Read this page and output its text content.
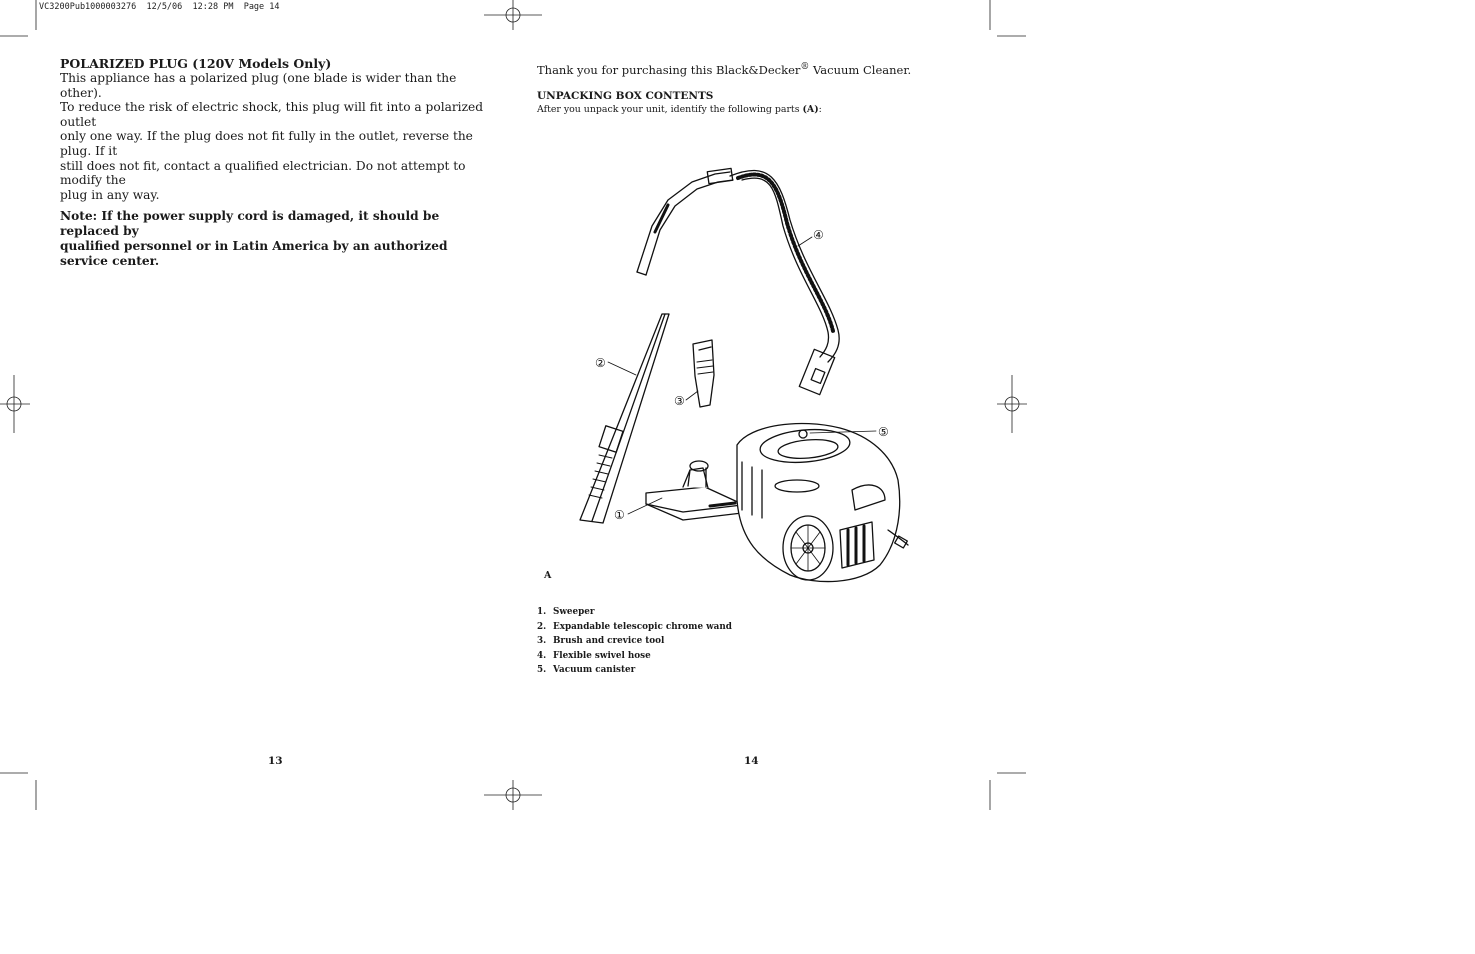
VC3200Pub1000003276  12/5/06  12:28 PM  Page 14

POLARIZED PLUG (120V Models Only)

This appliance has a polarized plug (one blade is wider than the other).

To reduce the risk of electric shock, this plug will fit into a polarized outlet

only one way. If the plug does not fit fully in the outlet, reverse the plug. If it

still does not fit, contact a qualified electrician. Do not attempt to modify the

plug in any way.

Note: If the power supply cord is damaged, it should be replaced by
qualified personnel or in Latin America by an authorized service center.

Thank you for purchasing this Black&Decker® Vacuum Cleaner.

UNPACKING BOX CONTENTS

After you unpack your unit, identify the following parts (A):

①
②
③
④
⑤
A
1. Sweeper
2. Expandable telescopic chrome wand
3. Brush and crevice tool
4. Flexible swivel hose
5. Vacuum canister
13	14
